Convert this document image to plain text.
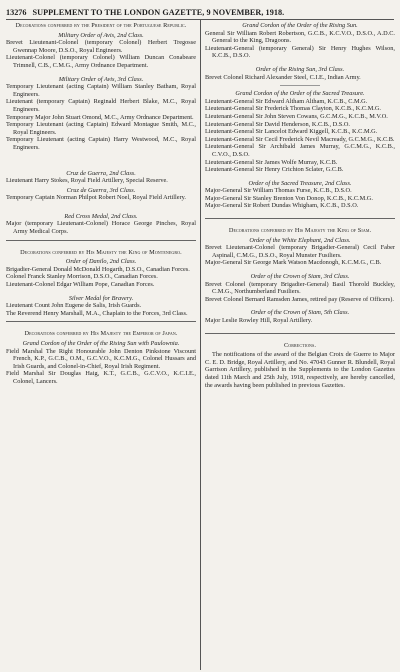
13276 SUPPLEMENT TO THE LONDON GAZETTE, 9 NOVEMBER, 1918.
Decorations conferred by the President of the Portuguese Republic.
Military Order of Avis, 2nd Class.
Brevet Lieutenant-Colonel (temporary Colonel) Herbert Tregosse Gwennap Moore, D.S.O., Royal Engineers.
Lieutenant-Colonel (temporary Colonel) William Duncan Conabeare Trimnell, C.B., C.M.G., Army Ordnance Department.
Military Order of Avis, 3rd Class.
Temporary Lieutenant (acting Captain) William Stanley Batham, Royal Engineers.
Lieutenant (temporary Captain) Reginald Herbert Blake, M.C., Royal Engineers.
Temporary Major John Stuart Omond, M.C., Army Ordnance Department.
Temporary Lieutenant (acting Captain) Edward Montague Smith, M.C., Royal Engineers.
Temporary Lieutenant (acting Captain) Harry Westwood, M.C., Royal Engineers.
Cruz de Guerra, 2nd Class.
Lieutenant Harry Stokes, Royal Field Artillery, Special Reserve.
Cruz de Guerra, 3rd Class.
Temporary Captain Norman Philpot Robert Noel, Royal Field Artillery.
Red Cross Medal, 2nd Class.
Major (temporary Lieutenant-Colonel) Horace George Pinches, Royal Army Medical Corps.
Decorations conferred by His Majesty the King of Montenegro.
Order of Danilo, 2nd Class.
Brigadier-General Donald McDonald Hogarth, D.S.O., Canadian Forces.
Colonel Franck Stanley Morrison, D.S.O., Canadian Forces.
Lieutenant-Colonel Edgar William Pope, Canadian Forces.
Silver Medal for Bravery.
Lieutenant Count John Eugene de Salis, Irish Guards.
The Reverend Henry Marshall, M.A., Chaplain to the Forces, 3rd Class.
Decorations conferred by His Majesty the Emperor of Japan.
Grand Cordon of the Order of the Rising Sun with Paulownia.
Field Marshal The Right Honourable John Denton Pinkstone Viscount French, K.P., G.C.B., O.M., G.C.V.O., K.C.M.G., Colonel Hussars and Irish Guards, and Colonel-in-Chief, Royal Irish Regiment.
Field Marshal Sir Douglas Haig, K.T., G.C.B., G.C.V.O., K.C.I.E., Colonel, Lancers.
Grand Cordon of the Order of the Rising Sun.
General Sir William Robert Robertson, G.C.B., K.C.V.O., D.S.O., A.D.C. General to the King, Dragoons.
Lieutenant-General (temporary General) Sir Henry Hughes Wilson, K.C.B., D.S.O.
Order of the Rising Sun, 3rd Class.
Brevet Colonel Richard Alexander Steel, C.I.E., Indian Army.
Grand Cordon of the Order of the Sacred Treasure.
Lieutenant-General Sir Edward Altham Altham, K.C.B., C.M.G.
Lieutenant-General Sir Frederick Thomas Clayton, K.C.B., K.C.M.G.
Lieutenant-General Sir John Steven Cowans, G.C.M.G., K.C.B., M.V.O.
Lieutenant-General Sir David Henderson, K.C.B., D.S.O.
Lieutenant-General Sir Lancelot Edward Kiggell, K.C.B., K.C.M.G.
Lieutenant-General Sir Cecil Frederick Nevil Macready, G.C.M.G., K.C.B.
Lieutenant-General Sir Archibald James Murray, G.C.M.G., K.C.B., C.V.O., D.S.O.
Lieutenant-General Sir James Wolfe Murray, K.C.B.
Lieutenant-General Sir Henry Crichton Sclater, G.C.B.
Order of the Sacred Treasure, 2nd Class.
Major-General Sir William Thomas Furse, K.C.B., D.S.O.
Major-General Sir Stanley Brenton Von Donop, K.C.B., K.C.M.G.
Major-General Sir Robert Dundas Whigham, K.C.B., D.S.O.
Decorations conferred by His Majesty the King of Siam.
Order of the White Elephant, 2nd Class.
Brevet Lieutenant-Colonel (temporary Brigadier-General) Cecil Faber Aspinall, C.M.G., D.S.O., Royal Munster Fusiliers.
Major-General Sir George Mark Watson Macdonogh, K.C.M.G., C.B.
Order of the Crown of Siam, 3rd Class.
Brevet Colonel (temporary Brigadier-General) Basil Thorold Buckley, C.M.G., Northumberland Fusiliers.
Brevet Colonel Bernard Ramsden James, retired pay (Reserve of Officers).
Order of the Crown of Siam, 5th Class.
Major Leslie Rowley Hill, Royal Artillery.
Corrections.
The notifications of the award of the Belgian Croix de Guerre to Major C. E. D. Bridge, Royal Artillery, and No. 47043 Gunner R. Blundell, Royal Garrison Artillery, published in the Supplements to the London Gazettes dated 11th March and 25th July, 1918, respectively, are hereby cancelled, the awards having been published in previous Gazettes.
